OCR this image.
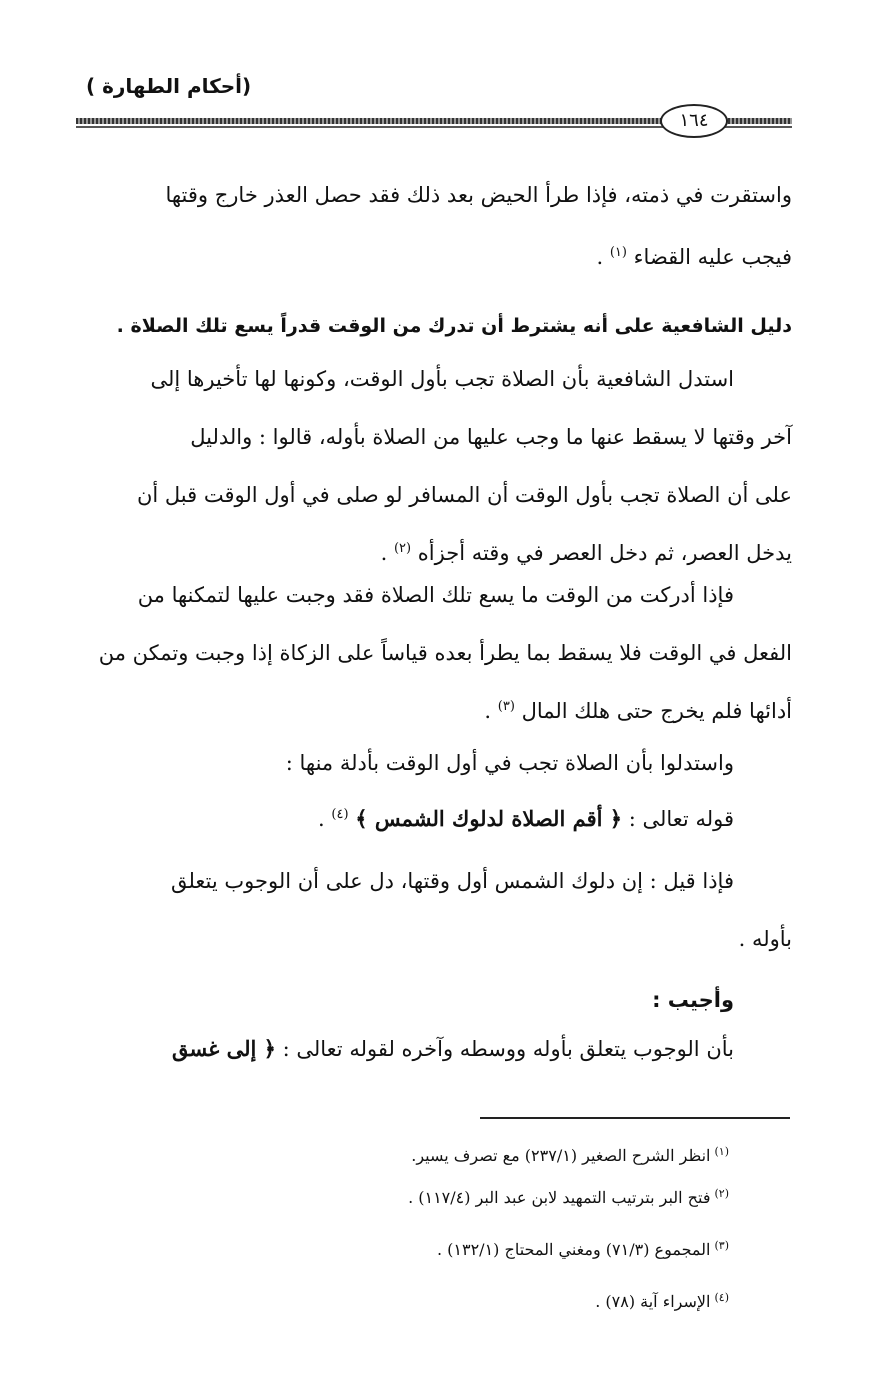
(أحكام الطهارة )
١٦٤
واستقرت في ذمته، فإذا طرأ الحيض بعد ذلك فقد حصل العذر خارج وقتها
فيجب عليه القضاء $^{(١)}$ .
دليل الشافعية على أنه يشترط أن تدرك من الوقت قدراً يسع تلك الصلاة .
استدل الشافعية بأن الصلاة تجب بأول الوقت، وكونها لها تأخيرها إلى
آخر وقتها لا يسقط عنها ما وجب عليها من الصلاة بأوله، قالوا : والدليل
على أن الصلاة تجب بأول الوقت أن المسافر لو صلى في أول الوقت قبل أن
يدخل العصر، ثم دخل العصر في وقته أجزأه $^{(٢)}$ .
فإذا أدركت من الوقت ما يسع تلك الصلاة فقد وجبت عليها لتمكنها من
الفعل في الوقت فلا يسقط بما يطرأ بعده قياساً على الزكاة إذا وجبت وتمكن من
أدائها فلم يخرج حتى هلك المال $^{(٣)}$ .
واستدلوا بأن الصلاة تجب في أول الوقت بأدلة منها :
قوله تعالى : ﴿ أقم الصلاة لدلوك الشمس ﴾ $^{(٤)}$ .
فإذا قيل : إن دلوك الشمس أول وقتها، دل على أن الوجوب يتعلق
بأوله .
وأجيب :
بأن الوجوب يتعلق بأوله ووسطه وآخره لقوله تعالى : ﴿ إلى غسق
$^{(١)}$انظر الشرح الصغير (٢٣٧/١) مع تصرف يسير.
$^{(٢)}$فتح البر بترتيب التمهيد لابن عبد البر (١١٧/٤) .
$^{(٣)}$المجموع (٧١/٣) ومغني المحتاج (١٣٢/١) .
$^{(٤)}$الإسراء آية (٧٨) .
